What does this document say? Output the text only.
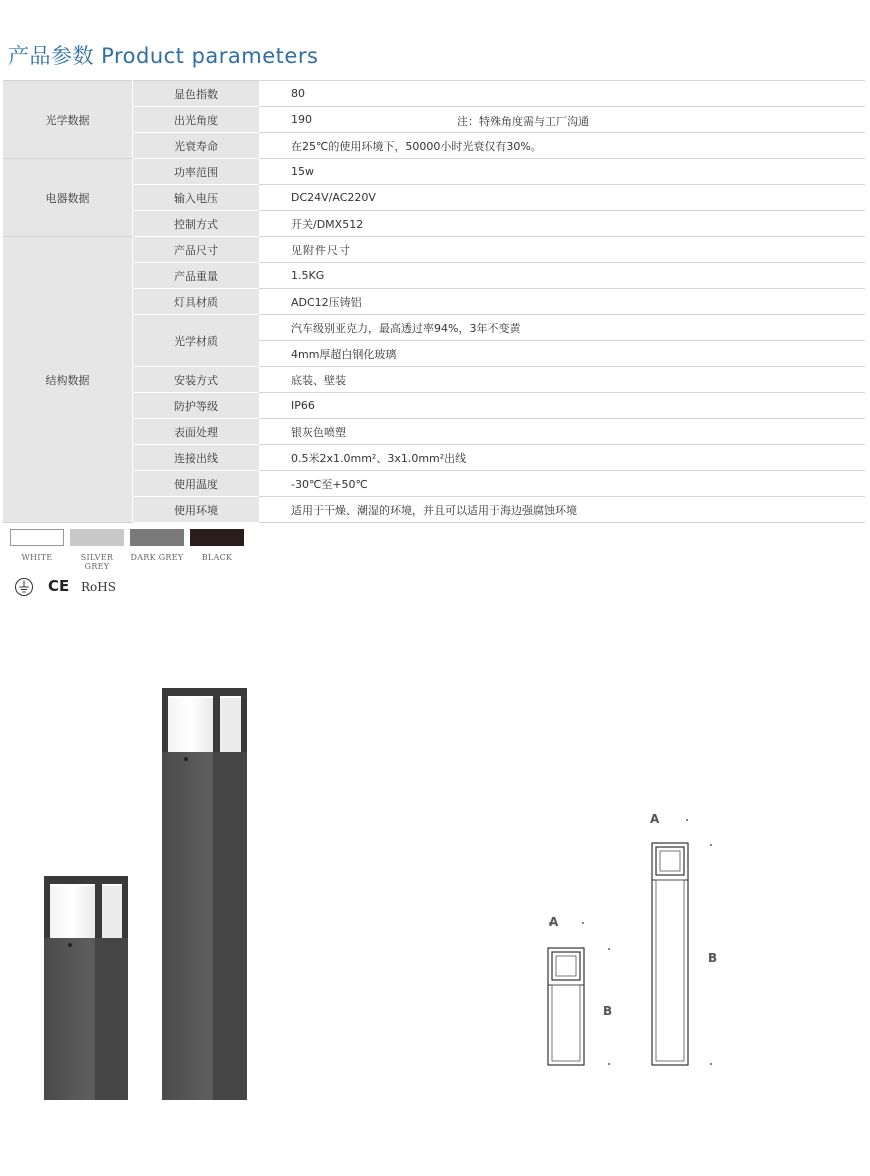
产品参数 Product parameters
光学数据	显色指数	80
	出光角度	190 注：特殊角度需与工厂沟通

	光衰寿命	在25℃的使用环境下，50000小时光衰仅有30%。
电器数据	功率范围	15w
	输入电压	DC24V/AC220V
	控制方式	开关/DMX512
结构数据	产品尺寸	见附件尺寸
	产品重量	1.5KG
	灯具材质	ADC12压铸铝
	光学材质	汽车级别亚克力，最高透过率94%，3年不变黄
		4mm厚超白钢化玻璃
	安装方式	底装、壁装
	防护等级	IP66
	表面处理	银灰色喷塑
	连接出线	0.5米2x1.0mm²、3x1.0mm²出线
	使用温度	-30℃至+50℃
	使用环境	适用于干燥、潮湿的环境，并且可以适用于海边强腐蚀环境
WHITE	SILVER GREY
DARK GREY	BLACK
CE RoHS
A
A
B
B
